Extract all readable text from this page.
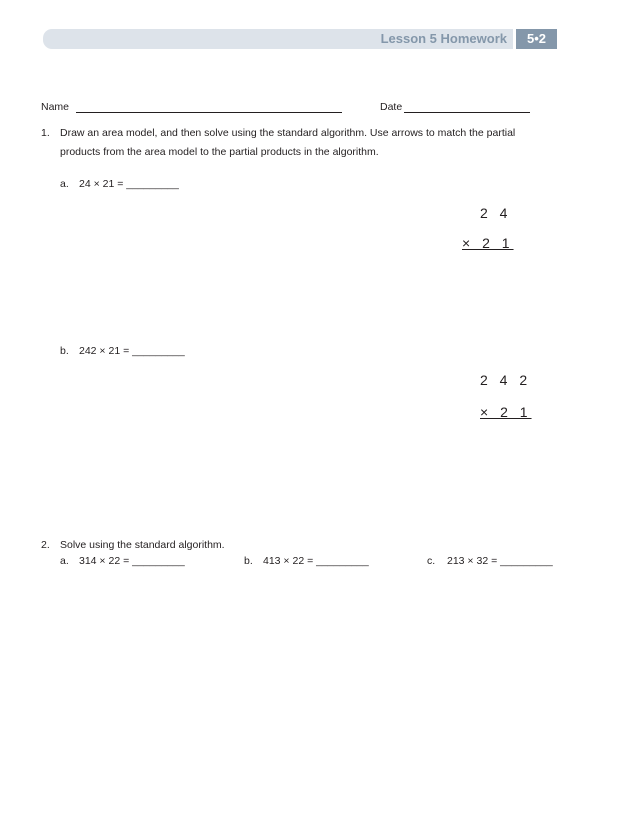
Lesson 5 Homework	5•2
Name	Date
1. Draw an area model, and then solve using the standard algorithm. Use arrows to match the partial
products from the area model to the partial products in the algorithm.
a. 24 × 21 = _________
2 4
× 2 1
b. 242 × 21 = _________
2 4 2
× 2 1
2. Solve using the standard algorithm.
a. 314 × 22 = _________	b. 413 × 22 = _________	c. 213 × 32 = _________
